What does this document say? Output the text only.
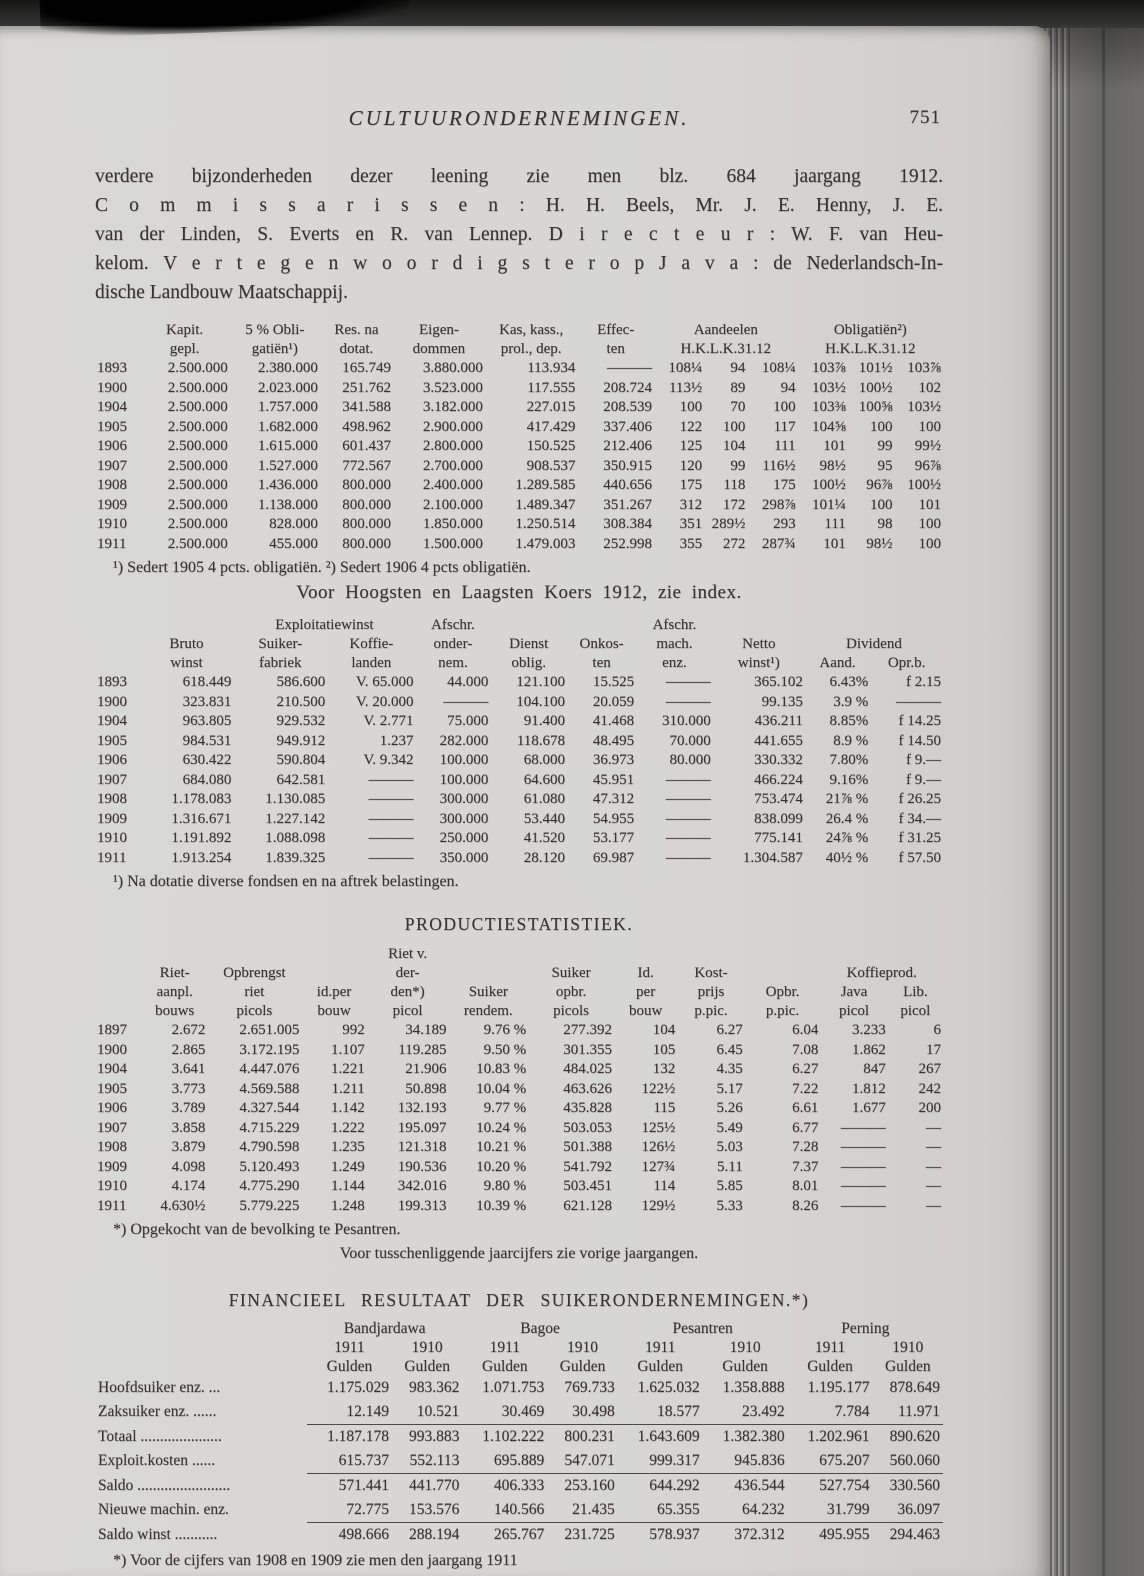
CULTUURONDERNEMINGEN.	751
verdere bijzonderheden dezer leening zie men blz. 684 jaargang 1912.
C o m m i s s a r i s s e n : H. H. Beels, Mr. J. E. Henny, J. E.
van der Linden, S. Everts en R. van Lennep. D i r e c t e u r : W. F. van Heu-
kelom. V e r t e g e n w o o r d i g s t e r o p J a v a : de Nederlandsch-In-
dische Landbouw Maatschappij.
	Kapit.	5 % Obli-	Res. na	Eigen-	Kas, kass.,	Effec-	Aandeelen			Obligatiën²)		
	gepl.	gatiën¹)	dotat.	dommen	prol., dep.	ten	H.K.L.K.31.12			H.K.L.K.31.12		
1893	2.500.000	2.380.000	165.749	3.880.000	113.934	———	108¼	94	108¼	103⅞	101½	103⅞
1900	2.500.000	2.023.000	251.762	3.523.000	117.555	208.724	113½	89	94	103½	100½	102
1904	2.500.000	1.757.000	341.588	3.182.000	227.015	208.539	100	70	100	103⅜	100⅝	103½
1905	2.500.000	1.682.000	498.962	2.900.000	417.429	337.406	122	100	117	104⅝	100	100
1906	2.500.000	1.615.000	601.437	2.800.000	150.525	212.406	125	104	111	101	99	99½
1907	2.500.000	1.527.000	772.567	2.700.000	908.537	350.915	120	99	116½	98½	95	96⅞
1908	2.500.000	1.436.000	800.000	2.400.000	1.289.585	440.656	175	118	175	100½	96⅞	100½
1909	2.500.000	1.138.000	800.000	2.100.000	1.489.347	351.267	312	172	298⅞	101¼	100	101
1910	2.500.000	828.000	800.000	1.850.000	1.250.514	308.384	351	289½	293	111	98	100
1911	2.500.000	455.000	800.000	1.500.000	1.479.003	252.998	355	272	287¾	101	98½	100
¹) Sedert 1905 4 pcts. obligatiën. ²) Sedert 1906 4 pcts obligatiën.
Voor Hoogsten en Laagsten Koers 1912, zie index.
		Exploitatiewinst		Afschr.			Afschr.			
	Bruto	Suiker-	Koffie-	onder-	Dienst	Onkos-	mach.	Netto	Dividend	
	winst	fabriek	landen	nem.	oblig.	ten	enz.	winst¹)	Aand.	Opr.b.
1893	618.449	586.600	V. 65.000	44.000	121.100	15.525	———	365.102	6.43%	f 2.15
1900	323.831	210.500	V. 20.000	———	104.100	20.059	———	99.135	3.9 %	———
1904	963.805	929.532	V. 2.771	75.000	91.400	41.468	310.000	436.211	8.85%	f 14.25
1905	984.531	949.912	1.237	282.000	118.678	48.495	70.000	441.655	8.9 %	f 14.50
1906	630.422	590.804	V. 9.342	100.000	68.000	36.973	80.000	330.332	7.80%	f 9.—
1907	684.080	642.581	———	100.000	64.600	45.951	———	466.224	9.16%	f 9.—
1908	1.178.083	1.130.085	———	300.000	61.080	47.312	———	753.474	21⅞ %	f 26.25
1909	1.316.671	1.227.142	———	300.000	53.440	54.955	———	838.099	26.4 %	f 34.—
1910	1.191.892	1.088.098	———	250.000	41.520	53.177	———	775.141	24⅞ %	f 31.25
1911	1.913.254	1.839.325	———	350.000	28.120	69.987	———	1.304.587	40½ %	f 57.50
¹) Na dotatie diverse fondsen en na aftrek belastingen.
PRODUCTIESTATISTIEK.
				Riet v.							
	Riet-	Opbrengst		der-		Suiker	Id.	Kost-		Koffieprod.	
	aanpl.	riet	id.per	den*)	Suiker	opbr.	per	prijs	Opbr.	Java	Lib.
	bouws	picols	bouw	picol	rendem.	picols	bouw	p.pic.	p.pic.	picol	picol
1897	2.672	2.651.005	992	34.189	9.76 %	277.392	104	6.27	6.04	3.233	6
1900	2.865	3.172.195	1.107	119.285	9.50 %	301.355	105	6.45	7.08	1.862	17
1904	3.641	4.447.076	1.221	21.906	10.83 %	484.025	132	4.35	6.27	847	267
1905	3.773	4.569.588	1.211	50.898	10.04 %	463.626	122½	5.17	7.22	1.812	242
1906	3.789	4.327.544	1.142	132.193	9.77 %	435.828	115	5.26	6.61	1.677	200
1907	3.858	4.715.229	1.222	195.097	10.24 %	503.053	125½	5.49	6.77	———	—
1908	3.879	4.790.598	1.235	121.318	10.21 %	501.388	126½	5.03	7.28	———	—
1909	4.098	5.120.493	1.249	190.536	10.20 %	541.792	127¾	5.11	7.37	———	—
1910	4.174	4.775.290	1.144	342.016	9.80 %	503.451	114	5.85	8.01	———	—
1911	4.630½	5.779.225	1.248	199.313	10.39 %	621.128	129½	5.33	8.26	———	—
*) Opgekocht van de bevolking te Pesantren.
Voor tusschenliggende jaarcijfers zie vorige jaargangen.
FINANCIEEL RESULTAAT DER SUIKERONDERNEMINGEN.*)
	Bandjardawa		Bagoe		Pesantren		Perning	
	1911	1910	1911	1910	1911	1910	1911	1910
	Gulden	Gulden	Gulden	Gulden	Gulden	Gulden	Gulden	Gulden
Hoofdsuiker enz. ...	1.175.029	983.362	1.071.753	769.733	1.625.032	1.358.888	1.195.177	878.649
Zaksuiker enz. ......	12.149	10.521	30.469	30.498	18.577	23.492	7.784	11.971
Totaal .....................	1.187.178	993.883	1.102.222	800.231	1.643.609	1.382.380	1.202.961	890.620
Exploit.kosten ......	615.737	552.113	695.889	547.071	999.317	945.836	675.207	560.060
Saldo ........................	571.441	441.770	406.333	253.160	644.292	436.544	527.754	330.560
Nieuwe machin. enz.	72.775	153.576	140.566	21.435	65.355	64.232	31.799	36.097
Saldo winst ...........	498.666	288.194	265.767	231.725	578.937	372.312	495.955	294.463
*) Voor de cijfers van 1908 en 1909 zie men den jaargang 1911
